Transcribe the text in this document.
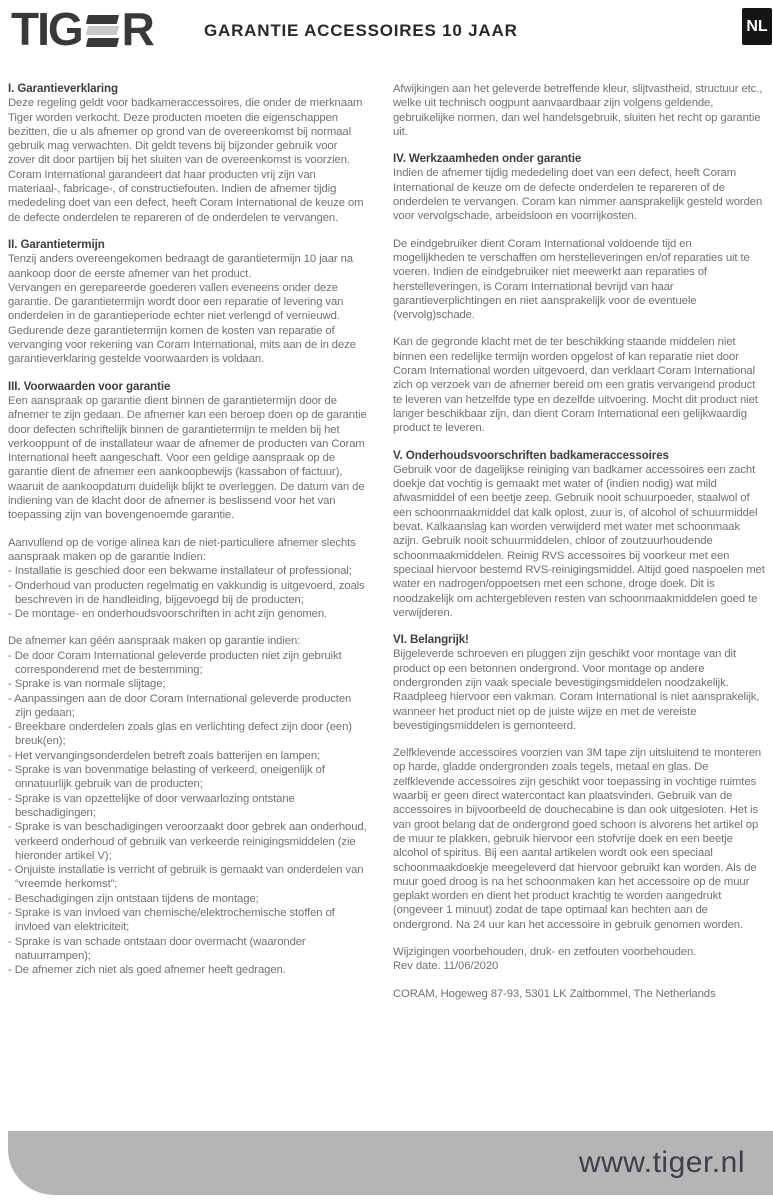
TIG R	GARANTIE ACCESSOIRES 10 JAAR	NL
I. Garantieverklaring
Deze regeling geldt voor badkameraccessoires, die onder de merknaam Tiger worden verkocht. Deze producten moeten die eigenschappen bezitten, die u als afnemer op grond van de overeenkomst bij normaal gebruik mag verwachten. Dit geldt tevens bij bijzonder gebruik voor zover dit door partijen bij het sluiten van de overeenkomst is voorzien. Coram International garandeert dat haar producten vrij zijn van materiaal-, fabricage-, of constructiefouten. Indien de afnemer tijdig mededeling doet van een defect, heeft Coram International de keuze om de defecte onderdelen te repareren of de onderdelen te vervangen.
II. Garantietermijn
Tenzij anders overeengekomen bedraagt de garantietermijn 10 jaar na aankoop door de eerste afnemer van het product.
Vervangen en gerepareerde goederen vallen eveneens onder deze garantie. De garantietermijn wordt door een reparatie of levering van onderdelen in de garantieperiode echter niet verlengd of vernieuwd.
Gedurende deze garantietermijn komen de kosten van reparatie of vervanging voor rekening van Coram International, mits aan de in deze garantieverklaring gestelde voorwaarden is voldaan.
III. Voorwaarden voor garantie
Een aanspraak op garantie dient binnen de garantietermijn door de afnemer te zijn gedaan. De afnemer kan een beroep doen op de garantie door defecten schriftelijk binnen de garantietermijn te melden bij het verkooppunt of de installateur waar de afnemer de producten van Coram International heeft aangeschaft. Voor een geldige aanspraak op de garantie dient de afnemer een aankoopbewijs (kassabon of factuur), waaruit de aankoopdatum duidelijk blijkt te overleggen. De datum van de indiening van de klacht door de afnemer is beslissend voor het van toepassing zijn van bovengenoemde garantie.
Aanvullend op de vorige alinea kan de niet-particuliere afnemer slechts aanspraak maken op de garantie indien:
- Installatie is geschied door een bekwame installateur of professional;
- Onderhoud van producten regelmatig en vakkundig is uitgevoerd, zoals beschreven in de handleiding, bijgevoegd bij de producten;
- De montage- en onderhoudsvoorschriften in acht zijn genomen.
De afnemer kan géén aanspraak maken op garantie indien:
- De door Coram International geleverde producten niet zijn gebruikt corresponderend met de bestemming;
- Sprake is van normale slijtage;
- Aanpassingen aan de door Coram International geleverde producten zijn gedaan;
- Breekbare onderdelen zoals glas en verlichting defect zijn door (een) breuk(en);
- Het vervangingsonderdelen betreft zoals batterijen en lampen;
- Sprake is van bovenmatige belasting of verkeerd, oneigenlijk of onnatuurlijk gebruik van de producten;
- Sprake is van opzettelijke of door verwaarlozing ontstane beschadigingen;
- Sprake is van beschadigingen veroorzaakt door gebrek aan onderhoud, verkeerd onderhoud of gebruik van verkeerde reinigingsmiddelen (zie hieronder artikel V);
- Onjuiste installatie is verricht of gebruik is gemaakt van onderdelen van “vreemde herkomst”;
- Beschadigingen zijn ontstaan tijdens de montage;
- Sprake is van invloed van chemische/elektrochemische stoffen of invloed van elektriciteit;
- Sprake is van schade ontstaan door overmacht (waaronder natuurrampen);
- De afnemer zich niet als goed afnemer heeft gedragen.
Afwijkingen aan het geleverde betreffende kleur, slijtvastheid, structuur etc., welke uit technisch oogpunt aanvaardbaar zijn volgens geldende, gebruikelijke normen, dan wel handelsgebruik, sluiten het recht op garantie uit.
IV. Werkzaamheden onder garantie
Indien de afnemer tijdig mededeling doet van een defect, heeft Coram International de keuze om de defecte onderdelen te repareren of de onderdelen te vervangen. Coram kan nimmer aansprakelijk gesteld worden voor vervolgschade, arbeidsloon en voorrijkosten.
De eindgebruiker dient Coram International voldoende tijd en mogelijkheden te verschaffen om herstelleveringen en/of reparaties uit te voeren. Indien de eindgebruiker niet meewerkt aan reparaties of herstelleveringen, is Coram International bevrijd van haar garantieverplichtingen en niet aansprakelijk voor de eventuele (vervolg)schade.
Kan de gegronde klacht met de ter beschikking staande middelen niet binnen een redelijke termijn worden opgelost of kan reparatie niet door Coram International worden uitgevoerd, dan verklaart Coram International zich op verzoek van de afnemer bereid om een gratis vervangend product te leveren van hetzelfde type en dezelfde uitvoering. Mocht dit product niet langer beschikbaar zijn, dan dient Coram International een gelijkwaardig product te leveren.
V. Onderhoudsvoorschriften badkameraccessoires
Gebruik voor de dagelijkse reiniging van badkamer accessoires een zacht doekje dat vochtig is gemaakt met water of (indien nodig) wat mild afwasmiddel of een beetje zeep. Gebruik nooit schuurpoeder, staalwol of een schoonmaakmiddel dat kalk oplost, zuur is, of alcohol of schuurmiddel bevat. Kalkaanslag kan worden verwijderd met water met schoonmaak azijn. Gebruik nooit schuurmiddelen, chloor of zoutzuurhoudende schoonmaakmiddelen. Reinig RVS accessoires bij voorkeur met een speciaal hiervoor bestemd RVS-reinigingsmiddel. Altijd goed naspoelen met water en nadrogen/oppoetsen met een schone, droge doek. Dit is noodzakelijk om achtergebleven resten van schoonmaakmiddelen goed te verwijderen.
VI. Belangrijk!
Bijgeleverde schroeven en pluggen zijn geschikt voor montage van dit product op een betonnen ondergrond. Voor montage op andere ondergronden zijn vaak speciale bevestigingsmiddelen noodzakelijk. Raadpleeg hiervoor een vakman. Coram International is niet aansprakelijk, wanneer het product niet op de juiste wijze en met de vereiste bevestigingsmiddelen is gemonteerd.
Zelfklevende accessoires voorzien van 3M tape zijn uitsluitend te monteren op harde, gladde ondergronden zoals tegels, metaal en glas. De zelfklevende accessoires zijn geschikt voor toepassing in vochtige ruimtes waarbij er geen direct watercontact kan plaatsvinden. Gebruik van de accessoires in bijvoorbeeld de douchecabine is dan ook uitgesloten. Het is van groot belang dat de ondergrond goed schoon is alvorens het artikel op de muur te plakken, gebruik hiervoor een stofvrije doek en een beetje alcohol of spiritus. Bij een aantal artikelen wordt ook een speciaal schoonmaakdoekje meegeleverd dat hiervoor gebruikt kan worden. Als de muur goed droog is na het schoonmaken kan het accessoire op de muur geplakt worden en dient het product krachtig te worden aangedrukt (ongeveer 1 minuut) zodat de tape optimaal kan hechten aan de ondergrond. Na 24 uur kan het accessoire in gebruik genomen worden.
Wijzigingen voorbehouden, druk- en zetfouten voorbehouden.
Rev date. 11/06/2020
CORAM, Hogeweg 87-93, 5301 LK Zaltbommel, The Netherlands
www.tiger.nl
